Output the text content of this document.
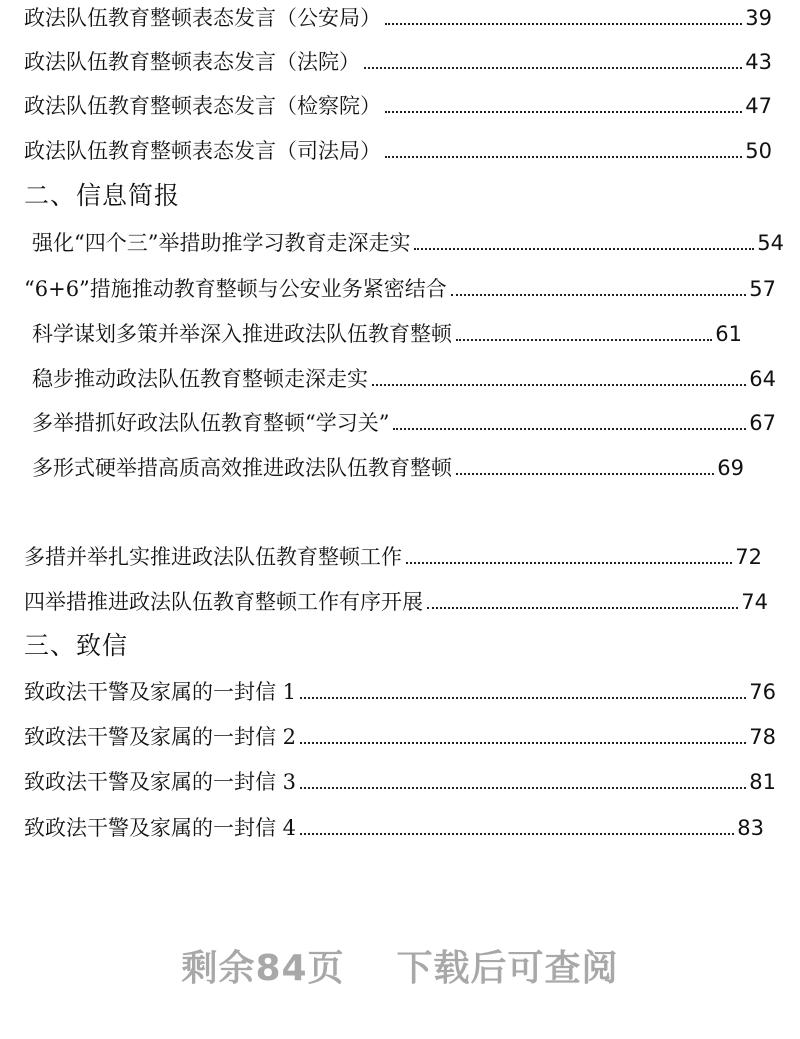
政法队伍教育整顿表态发言（公安局）	39
政法队伍教育整顿表态发言（法院）	43
政法队伍教育整顿表态发言（检察院）	47
政法队伍教育整顿表态发言（司法局）	50
二、信息简报
强化“四个三”举措助推学习教育走深走实	54
“6+6”措施推动教育整顿与公安业务紧密结合	57
科学谋划多策并举深入推进政法队伍教育整顿	61
稳步推动政法队伍教育整顿走深走实	64
多举措抓好政法队伍教育整顿“学习关”	67
多形式硬举措高质高效推进政法队伍教育整顿	69
多措并举扎实推进政法队伍教育整顿工作	72
四举措推进政法队伍教育整顿工作有序开展	74
三、致信
致政法干警及家属的一封信 1	76
致政法干警及家属的一封信 2	78
致政法干警及家属的一封信 3	81
致政法干警及家属的一封信 4	83
剩余84页 下载后可查阅
